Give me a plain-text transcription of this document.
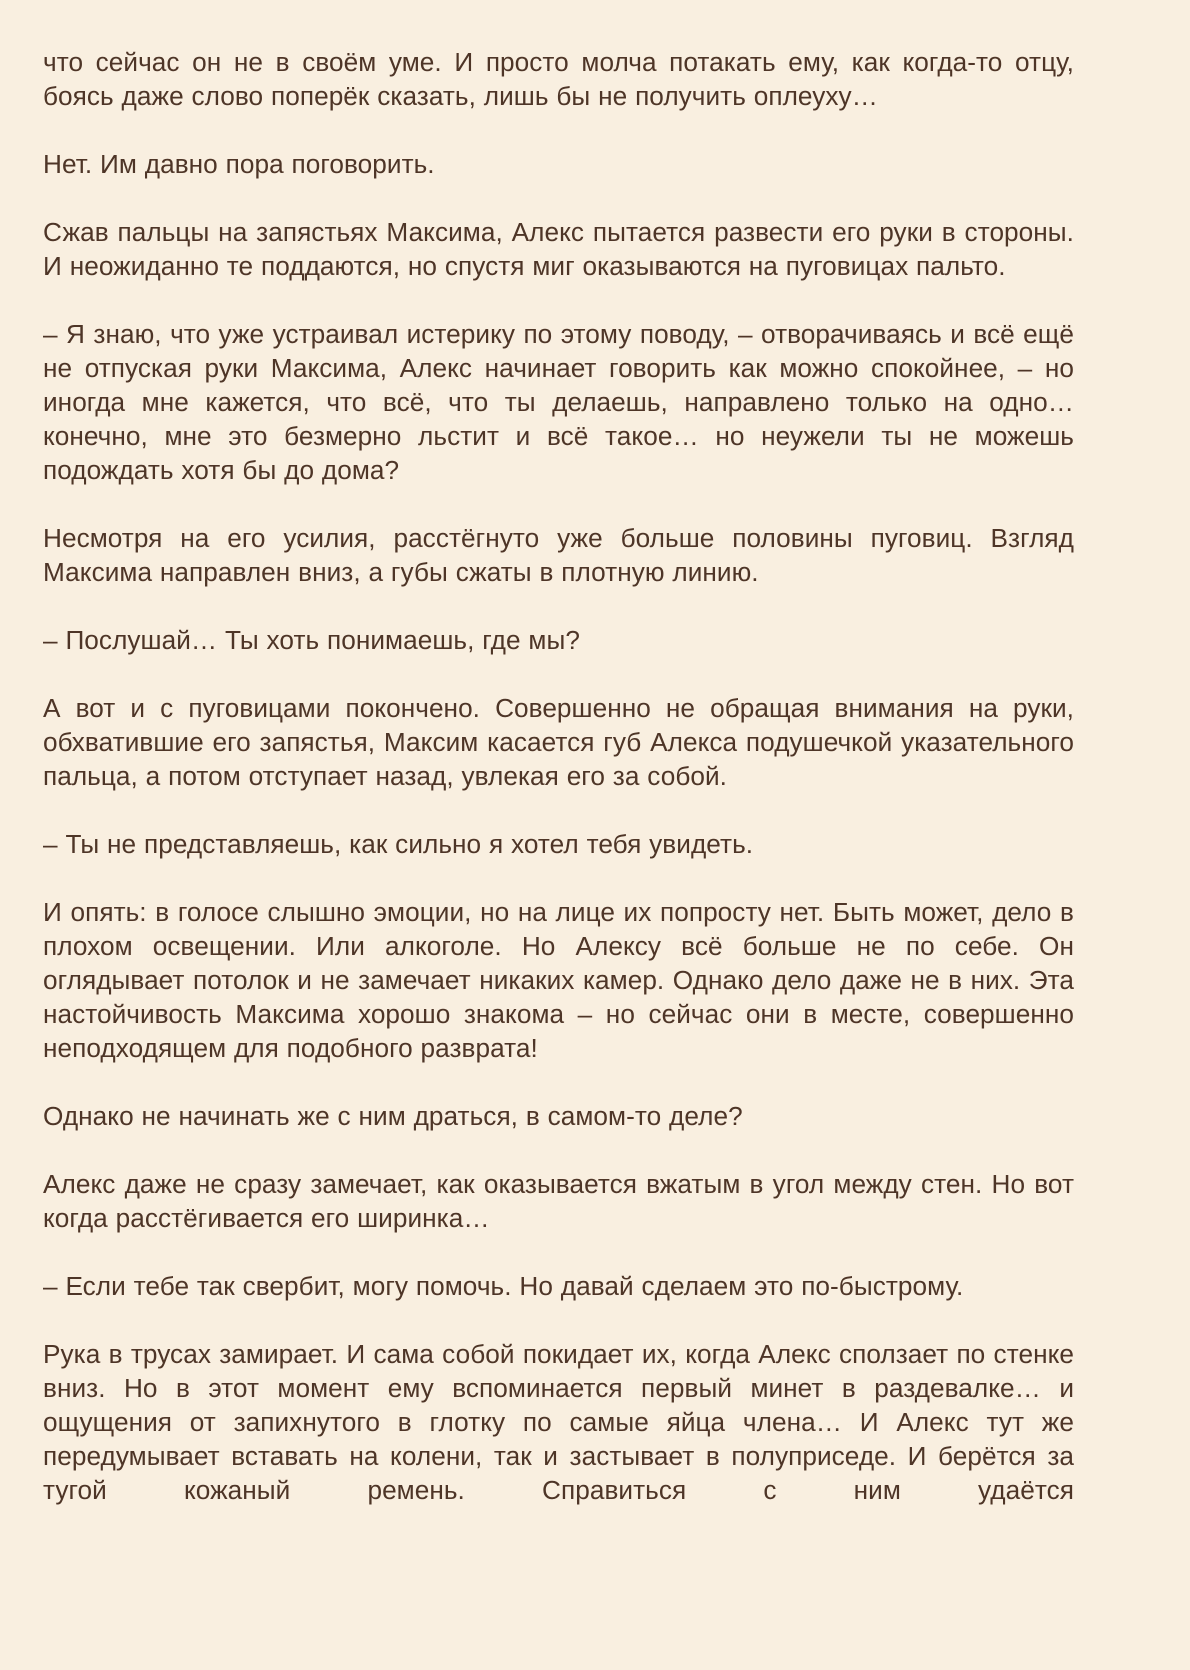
что сейчас он не в своём уме. И просто молча потакать ему, как когда-то отцу, боясь даже слово поперёк сказать, лишь бы не получить оплеуху…

Нет. Им давно пора поговорить.

Сжав пальцы на запястьях Максима, Алекс пытается развести его руки в стороны. И неожиданно те поддаются, но спустя миг оказываются на пуговицах пальто.

– Я знаю, что уже устраивал истерику по этому поводу, – отворачиваясь и всё ещё не отпуская руки Максима, Алекс начинает говорить как можно спокойнее, – но иногда мне кажется, что всё, что ты делаешь, направлено только на одно… конечно, мне это безмерно льстит и всё такое… но неужели ты не можешь подождать хотя бы до дома?

Несмотря на его усилия, расстёгнуто уже больше половины пуговиц. Взгляд Максима направлен вниз, а губы сжаты в плотную линию.

– Послушай… Ты хоть понимаешь, где мы?

А вот и с пуговицами покончено. Совершенно не обращая внимания на руки, обхватившие его запястья, Максим касается губ Алекса подушечкой указательного пальца, а потом отступает назад, увлекая его за собой.

– Ты не представляешь, как сильно я хотел тебя увидеть.

И опять: в голосе слышно эмоции, но на лице их попросту нет. Быть может, дело в плохом освещении. Или алкоголе. Но Алексу всё больше не по себе. Он оглядывает потолок и не замечает никаких камер. Однако дело даже не в них. Эта настойчивость Максима хорошо знакома – но сейчас они в месте, совершенно неподходящем для подобного разврата!

Однако не начинать же с ним драться, в самом-то деле?

Алекс даже не сразу замечает, как оказывается вжатым в угол между стен. Но вот когда расстёгивается его ширинка…

– Если тебе так свербит, могу помочь. Но давай сделаем это по-быстрому.

Рука в трусах замирает. И сама собой покидает их, когда Алекс сползает по стенке вниз. Но в этот момент ему вспоминается первый минет в раздевалке… и ощущения от запихнутого в глотку по самые яйца члена… И Алекс тут же передумывает вставать на колени, так и застывает в полуприседе. И берётся за тугой кожаный ремень. Справиться с ним удаётся
